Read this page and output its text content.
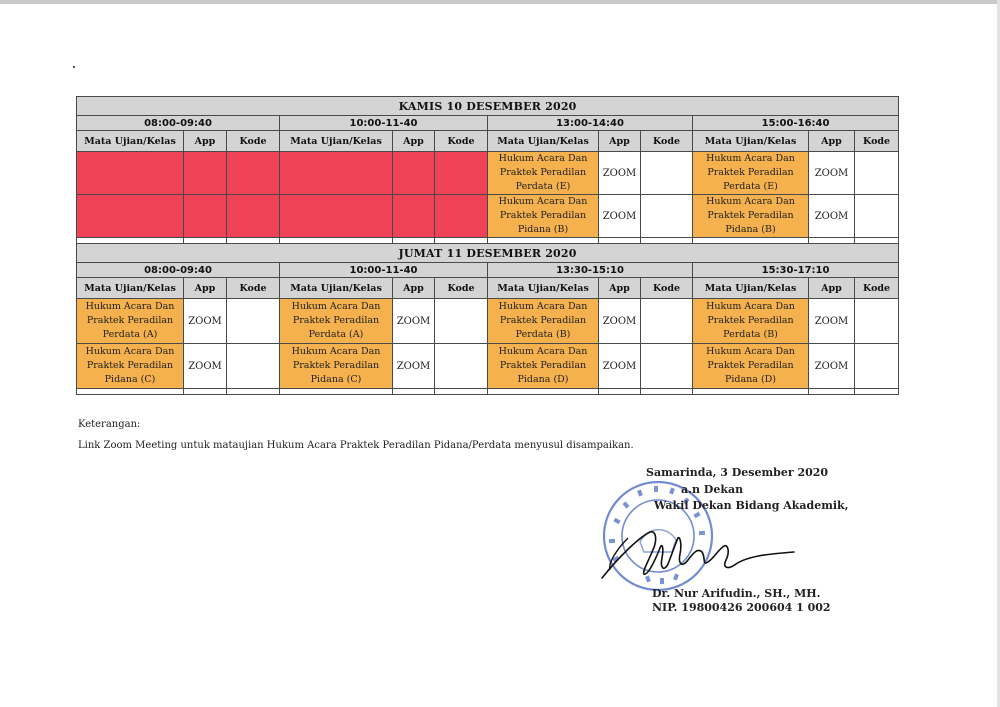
KAMIS 10 DESEMBER 2020											
08:00-09:40			10:00-11-40			13:00-14:40			15:00-16:40		
Mata Ujian/Kelas	App	Kode	Mata Ujian/Kelas	App	Kode	Mata Ujian/Kelas	App	Kode	Mata Ujian/Kelas	App	Kode
						Hukum Acara Dan Praktek Peradilan Perdata (E)	ZOOM		Hukum Acara Dan Praktek Peradilan Perdata (E)	ZOOM	
						Hukum Acara Dan Praktek Peradilan Pidana (B)	ZOOM		Hukum Acara Dan Praktek Peradilan Pidana (B)	ZOOM	

JUMAT 11 DESEMBER 2020											
08:00-09:40			10:00-11-40			13:30-15:10			15:30-17:10		
Mata Ujian/Kelas	App	Kode	Mata Ujian/Kelas	App	Kode	Mata Ujian/Kelas	App	Kode	Mata Ujian/Kelas	App	Kode
Hukum Acara Dan Praktek Peradilan Perdata (A)	ZOOM		Hukum Acara Dan Praktek Peradilan Perdata (A)	ZOOM		Hukum Acara Dan Praktek Peradilan Perdata (B)	ZOOM		Hukum Acara Dan Praktek Peradilan Perdata (B)	ZOOM	
Hukum Acara Dan Praktek Peradilan Pidana (C)	ZOOM		Hukum Acara Dan Praktek Peradilan Pidana (C)	ZOOM		Hukum Acara Dan Praktek Peradilan Pidana (D)	ZOOM		Hukum Acara Dan Praktek Peradilan Pidana (D)	ZOOM	

Keterangan:
Link Zoom Meeting untuk mataujian Hukum Acara Praktek Peradilan Pidana/Perdata menyusul disampaikan.
Samarinda, 3 Desember 2020
a.n Dekan
Wakil Dekan Bidang Akademik,
Dr. Nur Arifudin., SH., MH.
NIP. 19800426 200604 1 002
